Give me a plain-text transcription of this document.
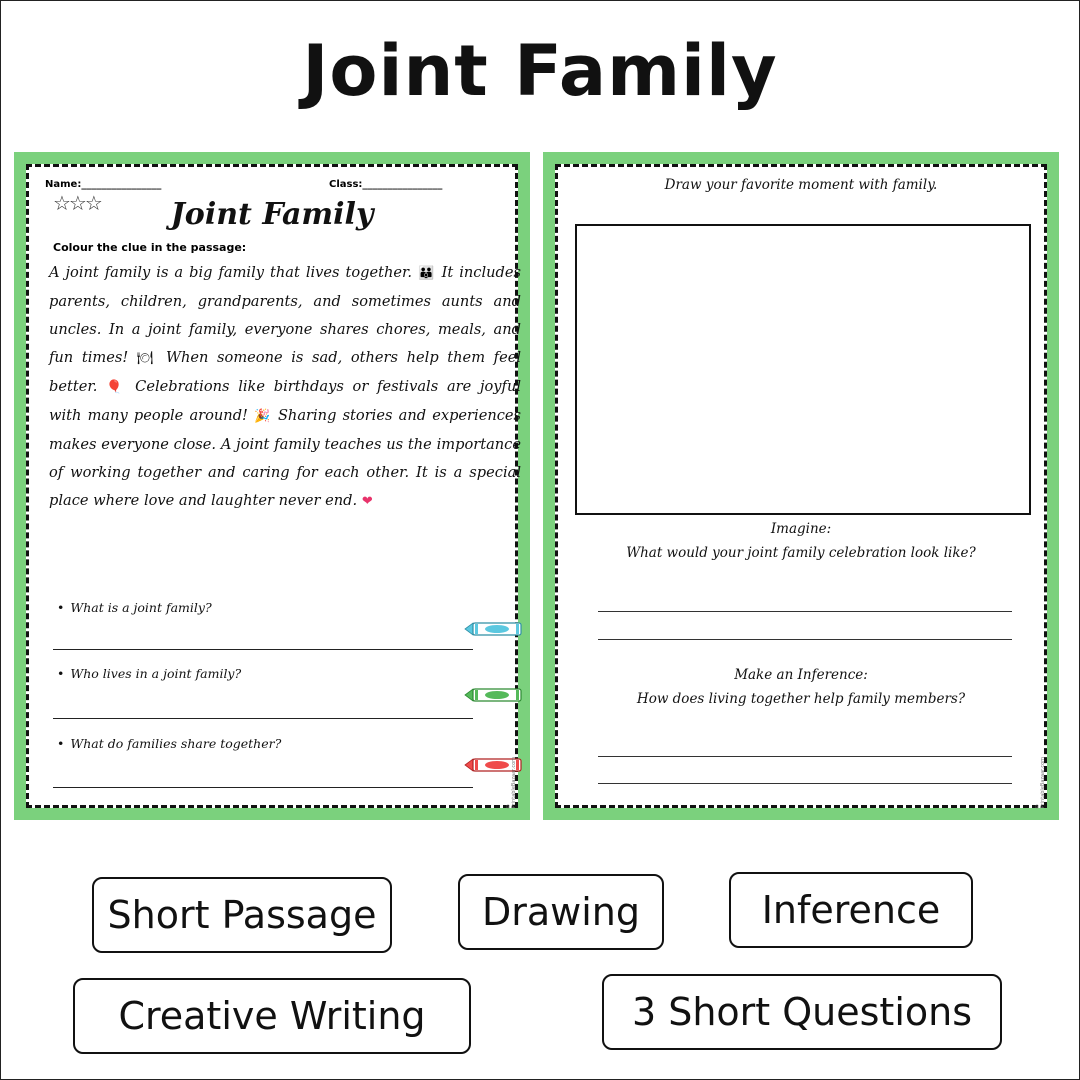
Joint Family
Name:________________	Class:________________
☆☆☆	Joint Family
Colour the clue in the passage:

A joint family is a big family that lives together. 👪 It includes parents, children, grandparents, and sometimes aunts and uncles. In a joint family, everyone shares chores, meals, and fun times! 🍽 When someone is sad, others help them feel better. 🎈 Celebrations like birthdays or festivals are joyful with many people around! 🎉 Sharing stories and experiences makes everyone close. A joint family teaches us the importance of working together and caring for each other. It is a special place where love and laughter never end. ❤

• What is a joint family?
• Who lives in a joint family?
• What do families share together?
© PrintableBazaar.com
Draw your favorite moment with family.
Imagine:
What would your joint family celebration look like?
Make an Inference:
How does living together help family members?
© PrintableBazaar.com
Short Passage	Drawing	Inference
Creative Writing	3 Short Questions
